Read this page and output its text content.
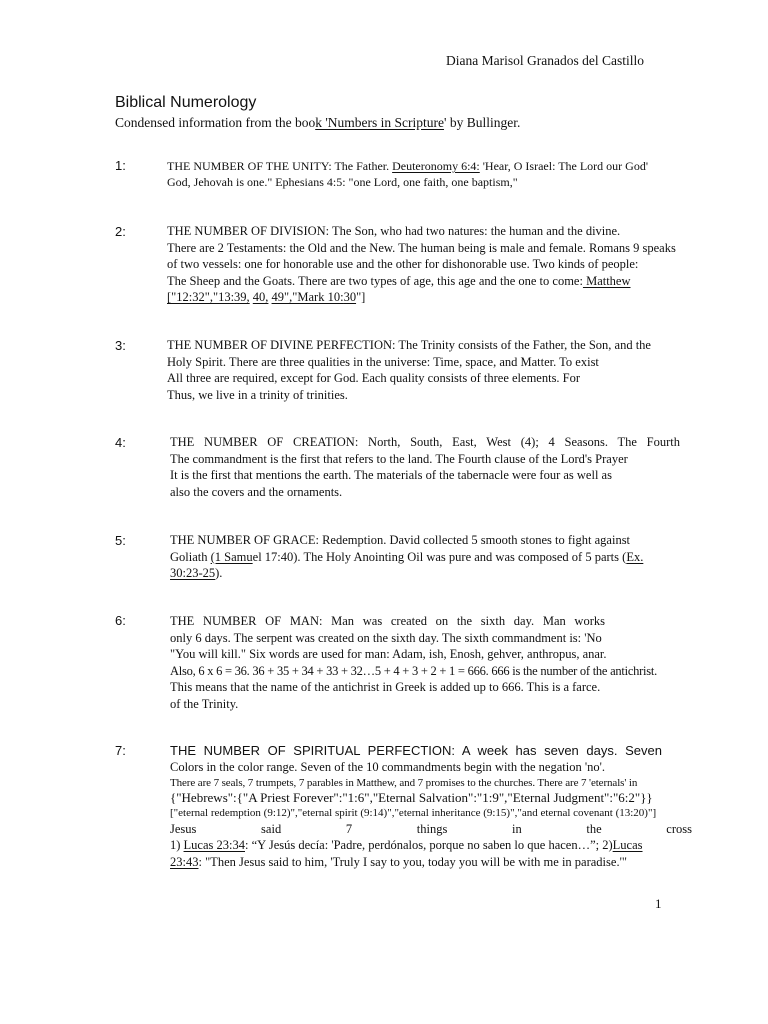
Diana Marisol Granados del Castillo
Biblical Numerology
Condensed information from the book 'Numbers in Scripture' by Bullinger.
1:	THE NUMBER OF THE UNITY: The Father. Deuteronomy 6:4: 'Hear, O Israel: The Lord our God'
God, Jehovah is one." Ephesians 4:5: "one Lord, one faith, one baptism,"
2:	THE NUMBER OF DIVISION: The Son, who had two natures: the human and the divine.
There are 2 Testaments: the Old and the New. The human being is male and female. Romans 9 speaks
of two vessels: one for honorable use and the other for dishonorable use. Two kinds of people:
The Sheep and the Goats. There are two types of age, this age and the one to come: Matthew
["12:32","13:39, 40, 49","Mark 10:30"]
3:	THE NUMBER OF DIVINE PERFECTION: The Trinity consists of the Father, the Son, and the
Holy Spirit. There are three qualities in the universe: Time, space, and Matter. To exist
All three are required, except for God. Each quality consists of three elements. For
Thus, we live in a trinity of trinities.
4:	THE NUMBER OF CREATION: North, South, East, West (4); 4 Seasons. The Fourth
The commandment is the first that refers to the land. The Fourth clause of the Lord's Prayer
It is the first that mentions the earth. The materials of the tabernacle were four as well as
also the covers and the ornaments.
5:	THE NUMBER OF GRACE: Redemption. David collected 5 smooth stones to fight against
Goliath (1 Samuel 17:40). The Holy Anointing Oil was pure and was composed of 5 parts (Ex.
30:23-25).
6:	THE NUMBER OF MAN: Man was created on the sixth day. Man works
only 6 days. The serpent was created on the sixth day. The sixth commandment is: 'No
"You will kill." Six words are used for man: Adam, ish, Enosh, gehver, anthropus, anar.
Also, 6 x 6 = 36. 36 + 35 + 34 + 33 + 32…5 + 4 + 3 + 2 + 1 = 666. 666 is the number of the antichrist.
This means that the name of the antichrist in Greek is added up to 666. This is a farce.
of the Trinity.
7:	THE NUMBER OF SPIRITUAL PERFECTION: A week has seven days. Seven
Colors in the color range. Seven of the 10 commandments begin with the negation 'no'.
There are 7 seals, 7 trumpets, 7 parables in Matthew, and 7 promises to the churches. There are 7 'eternals' in
{"Hebrews":{"A Priest Forever":"1:6","Eternal Salvation":"1:9","Eternal Judgment":"6:2"}}
["eternal redemption (9:12)","eternal spirit (9:14)","eternal inheritance (9:15)","and eternal covenant (13:20)"]
Jesus said 7 things in the cross
1) Lucas 23:34: “Y Jesús decía: 'Padre, perdónalos, porque no saben lo que hacen…”; 2)Lucas
23:43: "Then Jesus said to him, 'Truly I say to you, today you will be with me in paradise.'"
1
